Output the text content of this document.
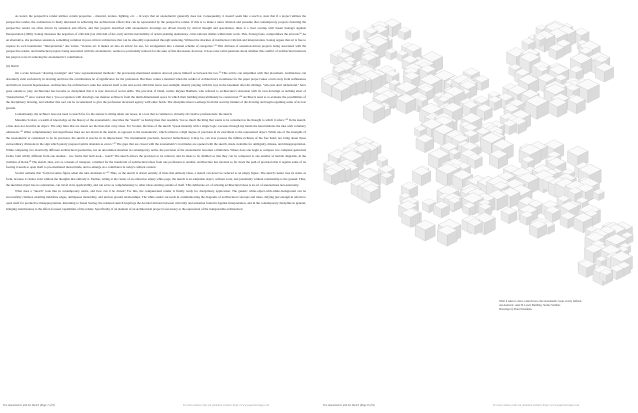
As noted, the perspective render utilizes certain properties – material, texture, lighting, etc. – in ways that an axonometric generally does not. Consequently, it doesn't seem like a reach to state that if a project utilizes the perspective render, the architecture is likely interested in achieving the architectural effects that can be represented by the perspective render. If this is to make a naive division and presume that contemporary projects featuring the perspective render are often driven by sensation and effects, and that projects described with axonometric drawings are driven mostly by critical thought and speculation, there is a clear overlap with Susan Sontag's Against Interpretation (1966). Sontag discusses the negatives of criticism (via criticism of her own) and the inevitability of artists planting elementary, critic-tailored riddles within their work. This, Sontag feels, compromises the artwork.¹⁰ As an alternative, she promotes sensation, something common in post-critical architecture that can be smoothly represented through rendering. Without the shackles of intellectual criticism and interpretation, Sontag argues that art is free to explore its own boundaries: "Interpretation," she writes, "violates art. It makes art into an article for use, for arrangement into a mental scheme of categories."¹¹ This division of sensation-driven projects being associated with the perspective render, and intellectual projects being associated with the axonometric, seems too profoundly reduced for the sake of this discussion, however, it does raise valid questions about whether this conflict of architectural interests has played a role in reducing the axonometric's contribution.

(ii) Sketch

On a scale between "drawing nostalgia" and "new representational methods," the previously-mentioned Andrew Atwood places himself as between the two.¹² This article can empathize with that placement. Architecture can absolutely exist exclusively in drawing and have the contributions be of significance for the profession. But there comes a moment when the soldier of architecture's storehouse for the paper project takes a turn away from selflessness and harbors towards hopelessness. Architecture-for-architecture's sake has reduced itself to the anti-social child that never sees sunlight, silently playing with his toys in the basement after his siblings, "who just don't understand," have gone outside to play. Architecture has become so disciplined that it is now devoid of social skills. The practical, if bland, realist, Reyner Banham, who referred to architecture's obsession with its own drawings as nothing short of "masturbation,"¹³ once warned that a "pre-occupation with drawings can insulate architects from the multi-dimensional space in which their building must ultimately be constructed."¹⁴ Architects need to re-evaluate the possibilities of the disciplinary drawing, and whether this tool can be reconsidered to give the profession increased agency with other fields. The discipline must re-emerge from the security blanket of the drawing and begin regaining some of its lost ground.

Contentiously, the architect does not need to search far, for the answer is sitting under our noses, in a tool that is common to virtually all creative professionals: the sketch.

Massimo Scolari, a wealth of knowledge on the history of the axonometric, describes the "sketch" as having lines that resemble "not so much the thing that wants to be contained as the thought to which it refers."¹⁵ In the sketch, a line does not describe an object. The only lines that are drawn are the lines that carry ideas. For Scolari, the lines of the sketch "speak instantly with a single logic, because through my hands the hand imitates the idea with voluntary omissions."¹⁶ Other complementary and superfluous lines are not drawn in the sketch, as opposed to the axonometric, which achieves a high degree of precision in its exactitude to the represented object. While one of the strengths of the axonometric is considered to be its precision, the sketch is precise in its imprecision: "No instrumental precision, however hallucinatory it may be, can ever possess the infinite richness of the free hand, nor bring about those extraordinary divisions in the sign which purely prepared spirits abandon as errors."¹⁷ The gaps that are closed with the axonometric's tractitudes are opened with the sketch, made available for ambiguity, misuse, and misappropriation. While comparing two drastically different architectural geometries, not an uncommon situation in contemporary terms, the precision of the axonometric becomes a limitation. Where does one begin to compare two computer-generated forms, both wildly different from one another... two forms that both look... weird? The sketch allows the precision to be reduced, and its ideas to be distilled so that they can be compared to one another as mobile diagrams, in the tradition of Rossi.¹⁸ The sketch, thus, acts as a means of transport, a method for the transferral of architectural ideas from one profession to another. Architecture has traveled so far down the path of precision that it regains some of its footing it needs to open itself to pre-meditated inexactitude, and re-emerge as a contributor in today's cultural context.

Scolari remarks that "form becomes figure when the idea abandons it."¹⁹ Thus, as the sketch is drawn entirely of lines that embody ideas, a sketch can never be reduced to an empty figure. The sketch cannot lose its status as form, because it cannot exist without the thoughts that embody it. Further, sitting at the center of an otherwise empty white page, the sketch is an adaptable object, without scale, and potentially without relationship to the ground. Thus, the sketched object has no orientation, can travel in its applicability, and can serve as complementary to other ideas existing outside of itself. This deliberate act of relaxing architectural ideas is an act of autonomous non-autonomy.

What does a "sketch" look like in contemporary terms, and how can it be drawn? For this, the computerized render is finally ready for disciplinary application. The generic white-object-with-white-background can be successfully claimed, enabling indefinite edges, ambiguous materiality, and unclear ground relationships. The white render succeeds in communicating the diagrams of architectural concepts and ideas, defying just enough in reform to open itself for productive misappropriation. Returning to Susan Sontag, the rendered sketch leapfrogs the decided division between criticality and sensation found in Against Interpretation, and in the contemporary discipline in general, bringing attentiveness to the affect-focused capabilities of the render. Specifically, if an element of an architectural project is necessary to the expression of the transportable architectural

The Axonometric and the Sketch (Page 7 of 8)	For more entries visit our printable website: https://www.paperdrawings.com

What it takes to draw a sketch now, the axonometric looks overly defined.

Axonometric. Alex B. Lewis Building. Studio Vollmer.

Drawings by Peter Eisenman.

The Axonometric and the Sketch (Page 8 of 8)	For more entries visit our printable website: https://www.paperdrawings.com
